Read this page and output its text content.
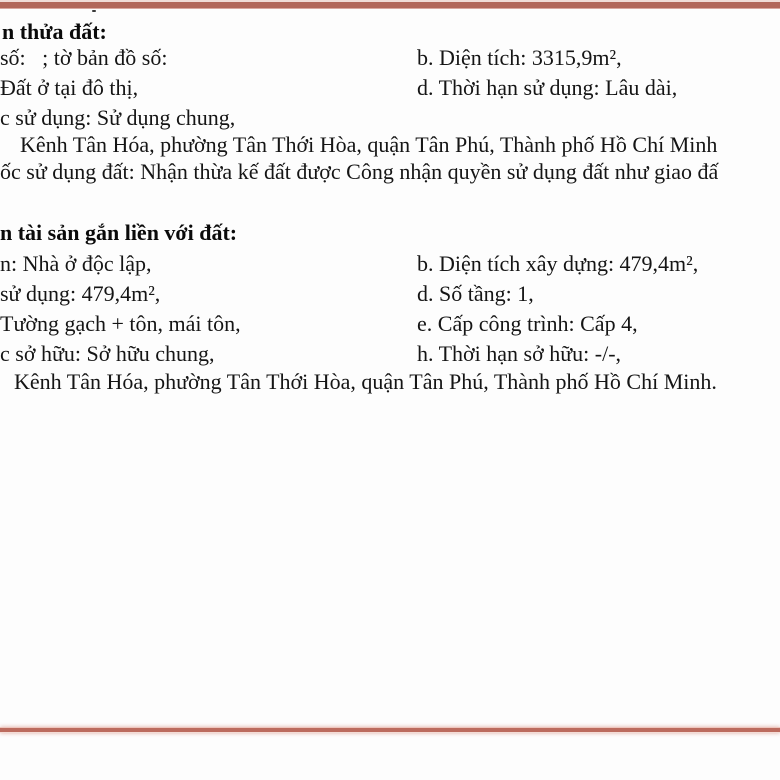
n thửa đất:
số:   ; tờ bản đồ số:	b. Diện tích: 3315,9m²,
Đất ở tại đô thị,	d. Thời hạn sử dụng: Lâu dài,
c sử dụng: Sử dụng chung,
Kênh Tân Hóa, phường Tân Thới Hòa, quận Tân Phú, Thành phố Hồ Chí Minh
ốc sử dụng đất: Nhận thừa kế đất được Công nhận quyền sử dụng đất như giao đấ
n tài sản gắn liền với đất:
n: Nhà ở độc lập,	b. Diện tích xây dựng: 479,4m²,
sử dụng: 479,4m²,	d. Số tầng: 1,
Tường gạch + tôn, mái tôn,	e. Cấp công trình: Cấp 4,
c sở hữu: Sở hữu chung,	h. Thời hạn sở hữu: -/-,
Kênh Tân Hóa, phường Tân Thới Hòa, quận Tân Phú, Thành phố Hồ Chí Minh.
